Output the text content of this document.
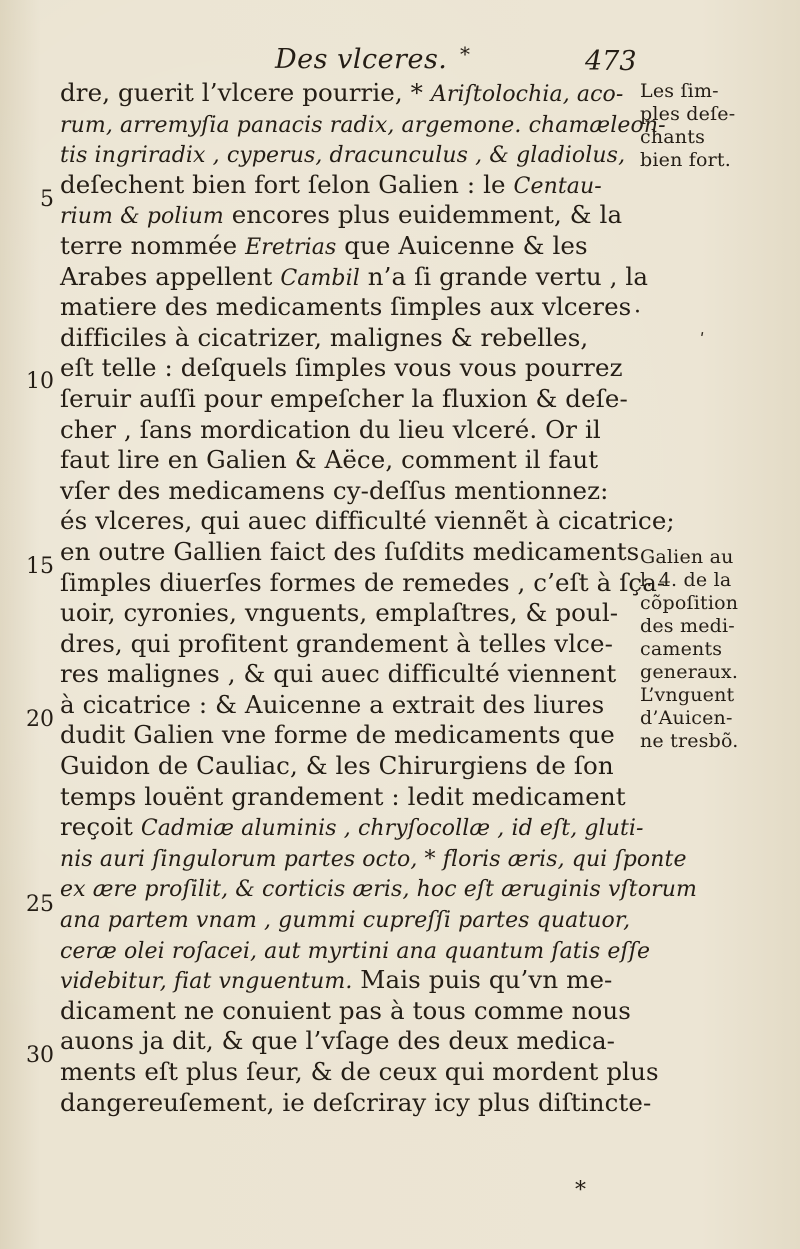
Des vlceres. *	473
dre, guerit l’vlcere pourrie, * Ariſtolochia, aco-
rum, arremyſia panacis radix, argemone. chamæleon-
tis ingriradix , cyperus, dracunculus , & gladiolus,
deſechent bien fort ſelon Galien : le Centau-
rium & polium encores plus euidemment, & la
terre nommée Eretrias que Auicenne & les
Arabes appellent Cambil n’a ſi grande vertu , la
matiere des medicaments ſimples aux vlceres
difficiles à cicatrizer, malignes & rebelles,
eſt telle : deſquels ſimples vous vous pourrez
ſeruir auſſi pour empeſcher la fluxion & deſe-
cher , ſans mordication du lieu vlceré. Or il
faut lire en Galien & Aëce, comment il faut
vſer des medicamens cy-deſſus mentionnez:
és vlceres, qui auec difficulté viennẽt à cicatrice;
en outre Gallien faict des ſuſdits medicaments
ſimples diuerſes formes de remedes , c’eſt à ſça-
uoir, cyronies, vnguents, emplaſtres, & poul-
dres, qui profitent grandement à telles vlce-
res malignes , & qui auec difficulté viennent
à cicatrice : & Auicenne a extrait des liures
dudit Galien vne forme de medicaments que
Guidon de Cauliac, & les Chirurgiens de ſon
temps louënt grandement : ledit medicament
reçoit Cadmiæ aluminis , chryſocollæ , id eſt, gluti-
nis auri ſingulorum partes octo, * floris æris, qui ſponte
ex ære proſilit, & corticis æris, hoc eſt æruginis vſtorum
ana partem vnam , gummi cupreſſi partes quatuor,
ceræ olei roſacei, aut myrtini ana quantum ſatis eſſe
videbitur, fiat vnguentum. Mais puis qu’vn me-
dicament ne conuient pas à tous comme nous
auons ja dit, & que l’vſage des deux medica-
ments eſt plus ſeur, & de ceux qui mordent plus
dangereuſement, ie deſcriray icy plus diſtincte-
Les ſim-
ples deſe-
chants
bien fort.
Galien au
l. 4. de la
cõpoſition
des medi-
caments
generaux.
L’vnguent
d’Auicen-
ne tresbõ.
5
10
15
20
25
30
·
ʹ
*
